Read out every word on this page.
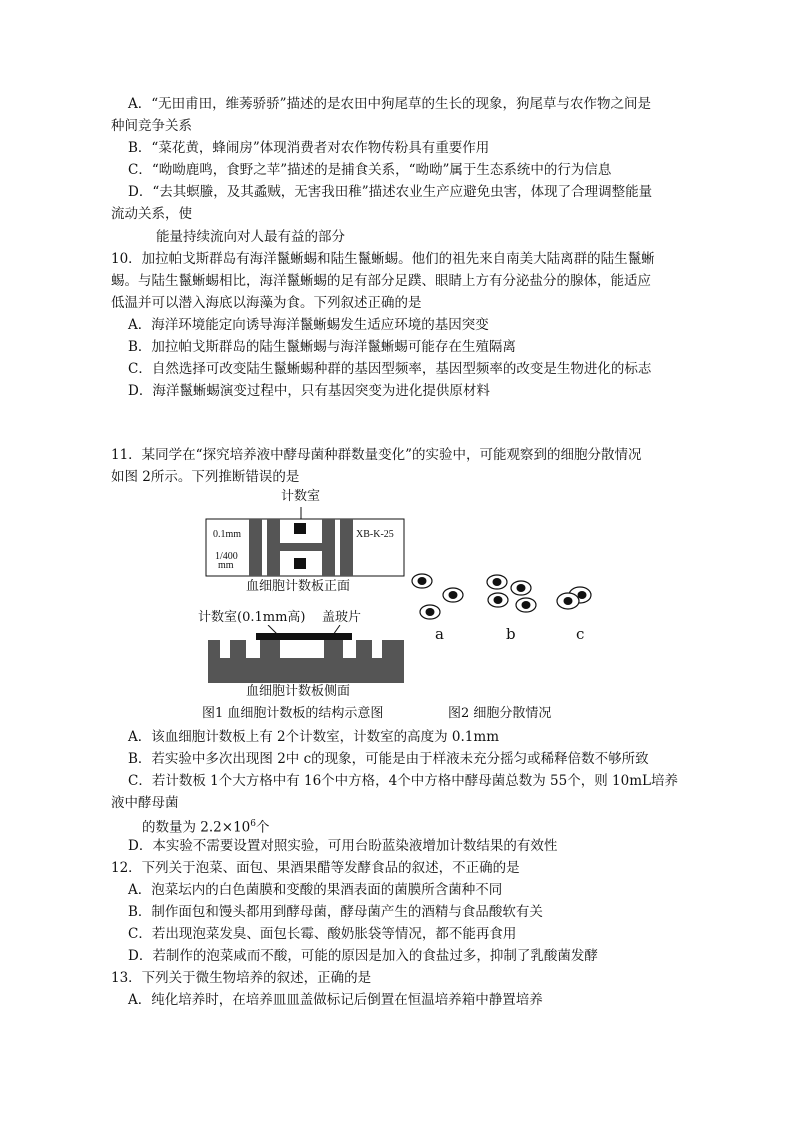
A．“无田甫田，维莠骄骄”描述的是农田中狗尾草的生长的现象，狗尾草与农作物之间是
种间竞争关系
B．“菜花黄，蜂闹房”体现消费者对农作物传粉具有重要作用
C．“呦呦鹿鸣，食野之苹”描述的是捕食关系，“呦呦”属于生态系统中的行为信息
D．“去其螟螣，及其蟊贼，无害我田稚”描述农业生产应避免虫害，体现了合理调整能量
流动关系，使
能量持续流向对人最有益的部分
10．加拉帕戈斯群岛有海洋鬣蜥蜴和陆生鬣蜥蜴。他们的祖先来自南美大陆离群的陆生鬣蜥
蜴。与陆生鬣蜥蜴相比，海洋鬣蜥蜴的足有部分足蹼、眼睛上方有分泌盐分的腺体，能适应
低温并可以潜入海底以海藻为食。下列叙述正确的是
A．海洋环境能定向诱导海洋鬣蜥蜴发生适应环境的基因突变
B．加拉帕戈斯群岛的陆生鬣蜥蜴与海洋鬣蜥蜴可能存在生殖隔离
C．自然选择可改变陆生鬣蜥蜴种群的基因型频率，基因型频率的改变是生物进化的标志
D．海洋鬣蜥蜴演变过程中，只有基因突变为进化提供原材料
11．某同学在“探究培养液中酵母菌种群数量变化”的实验中，可能观察到的细胞分散情况
如图 2所示。下列推断错误的是
计数室
0.1mm
1/400
mm
XB-K-25
血细胞计数板正面
计数室(0.1mm高) 盖玻片
血细胞计数板侧面
a	b	c
图1 血细胞计数板的结构示意图	图2 细胞分散情况
A．该血细胞计数板上有 2个计数室，计数室的高度为 0.1mm
B．若实验中多次出现图 2中 c的现象，可能是由于样液未充分摇匀或稀释倍数不够所致
C．若计数板 1个大方格中有 16个中方格，4个中方格中酵母菌总数为 55个，则 10mL培养
液中酵母菌
的数量为 $2.2\times 10^6$个
D．本实验不需要设置对照实验，可用台盼蓝染液增加计数结果的有效性
12．下列关于泡菜、面包、果酒果醋等发酵食品的叙述，不正确的是
A．泡菜坛内的白色菌膜和变酸的果酒表面的菌膜所含菌种不同
B．制作面包和馒头都用到酵母菌，酵母菌产生的酒精与食品酸软有关
C．若出现泡菜发臭、面包长霉、酸奶胀袋等情况，都不能再食用
D．若制作的泡菜咸而不酸，可能的原因是加入的食盐过多，抑制了乳酸菌发酵
13．下列关于微生物培养的叙述，正确的是
A．纯化培养时，在培养皿皿盖做标记后倒置在恒温培养箱中静置培养
